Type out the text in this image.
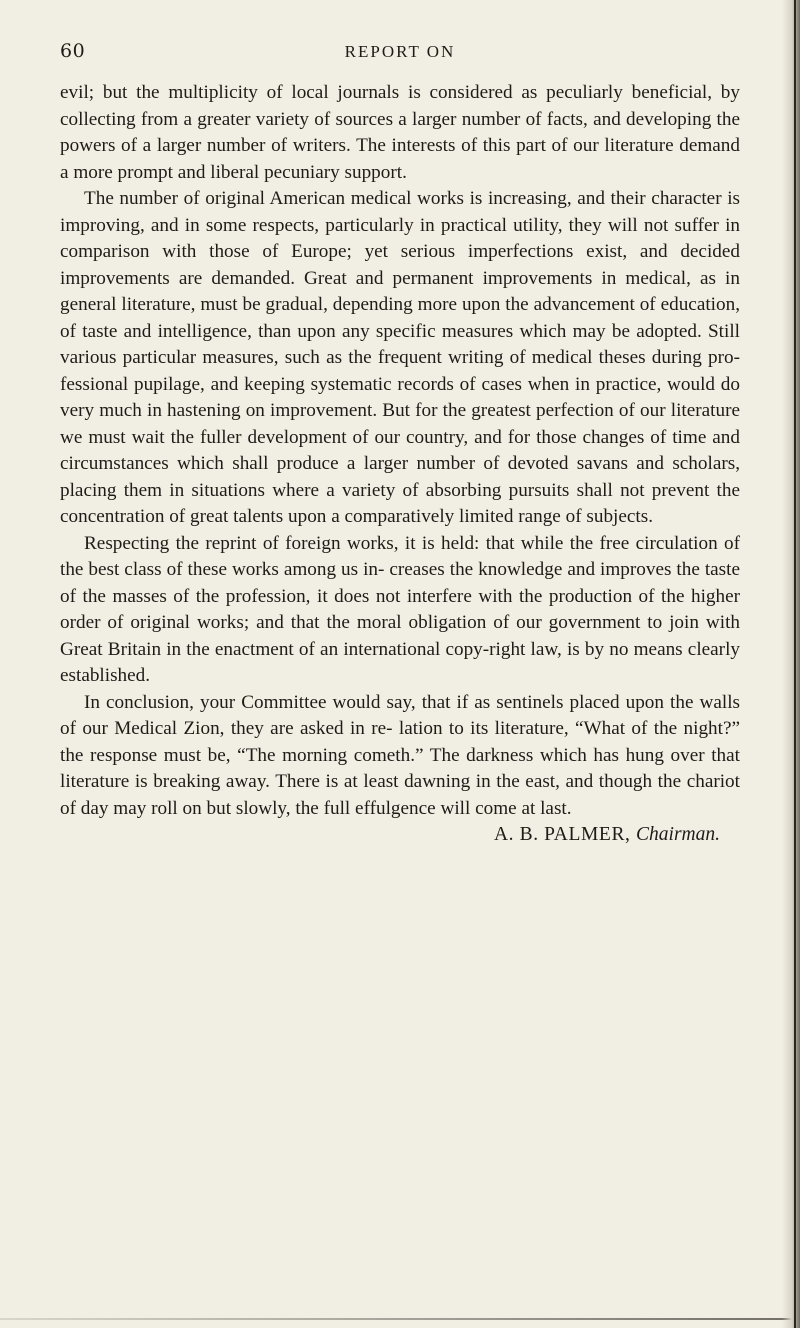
60	REPORT ON

evil; but the multiplicity of local journals is considered as peculiarly beneficial, by collecting from a greater variety of sources a larger number of facts, and developing the powers of a larger number of writers. The interests of this part of our literature demand a more prompt and liberal pecuniary support.

The number of original American medical works is increasing, and their character is improving, and in some respects, particularly in practical utility, they will not suffer in comparison with those of Europe; yet serious imperfections exist, and decided improvements are demanded. Great and permanent improvements in medical, as in general literature, must be gradual, depending more upon the advancement of education, of taste and intelligence, than upon any specific measures which may be adopted. Still various particular measures, such as the frequent writing of medical theses during pro- fessional pupilage, and keeping systematic records of cases when in practice, would do very much in hastening on improvement. But for the greatest perfection of our literature we must wait the fuller development of our country, and for those changes of time and circumstances which shall produce a larger number of devoted savans and scholars, placing them in situations where a variety of absorbing pursuits shall not prevent the concentration of great talents upon a comparatively limited range of subjects.

Respecting the reprint of foreign works, it is held: that while the free circulation of the best class of these works among us in- creases the knowledge and improves the taste of the masses of the profession, it does not interfere with the production of the higher order of original works; and that the moral obligation of our government to join with Great Britain in the enactment of an international copy-right law, is by no means clearly established.

In conclusion, your Committee would say, that if as sentinels placed upon the walls of our Medical Zion, they are asked in re- lation to its literature, “What of the night?” the response must be, “The morning cometh.” The darkness which has hung over that literature is breaking away. There is at least dawning in the east, and though the chariot of day may roll on but slowly, the full effulgence will come at last.

A. B. PALMER, Chairman.
